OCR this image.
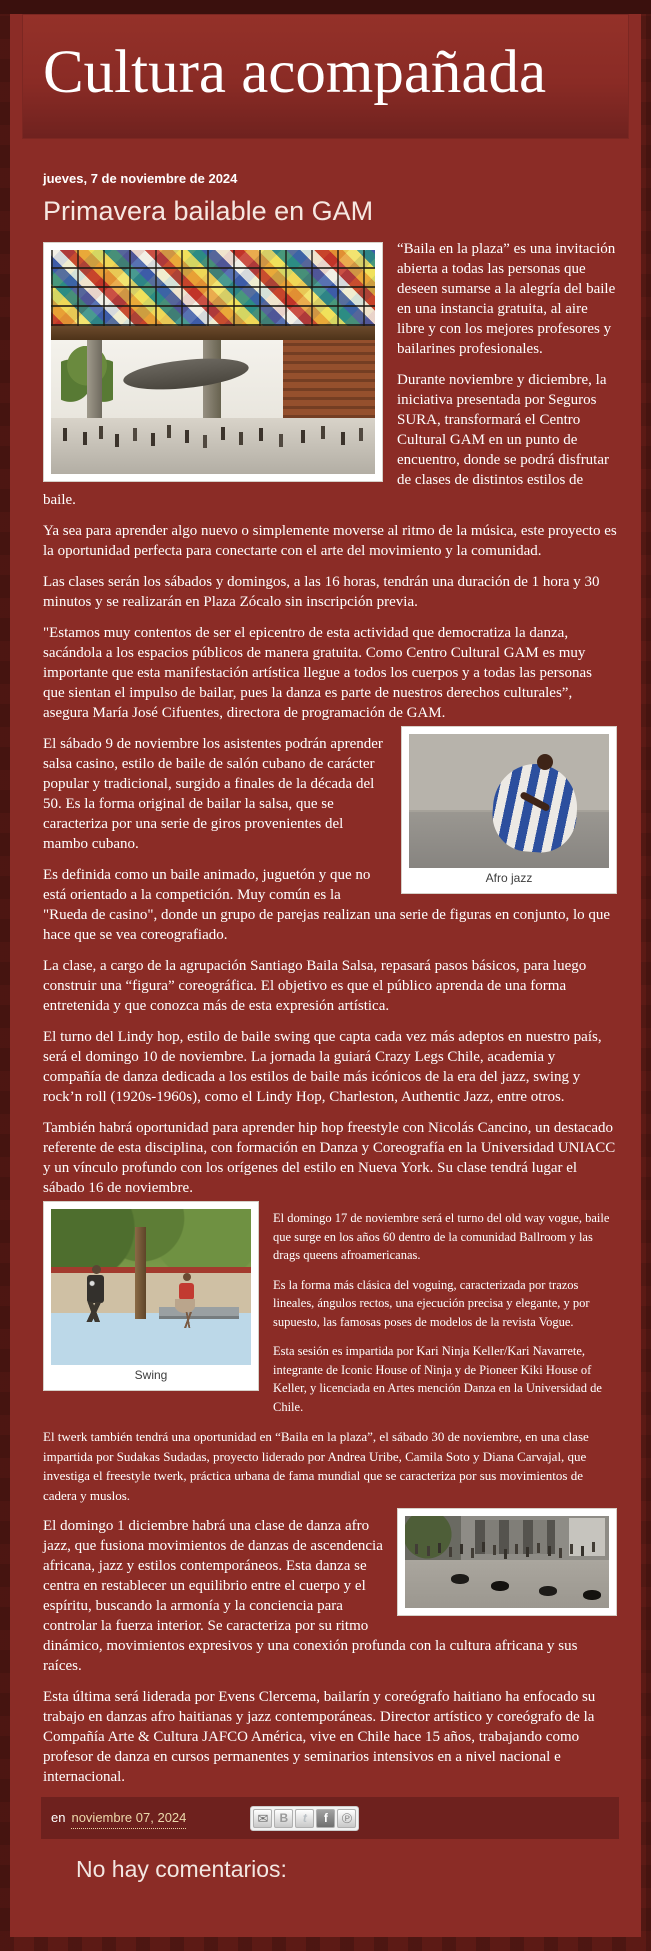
Cultura acompañada
jueves, 7 de noviembre de 2024
Primavera bailable en GAM

“Baila en la plaza” es una invitación abierta a todas las personas que deseen sumarse a la alegría del baile en una instancia gratuita, al aire libre y con los mejores profesores y bailarines profesionales.

Durante noviembre y diciembre, la iniciativa presentada por Seguros SURA, transformará el Centro Cultural GAM en un punto de encuentro, donde se podrá disfrutar de clases de distintos estilos de baile.

Ya sea para aprender algo nuevo o simplemente moverse al ritmo de la música, este proyecto es la oportunidad perfecta para conectarte con el arte del movimiento y la comunidad.

Las clases serán los sábados y domingos, a las 16 horas, tendrán una duración de 1 hora y 30 minutos y se realizarán en Plaza Zócalo sin inscripción previa.

"Estamos muy contentos de ser el epicentro de esta actividad que democratiza la danza, sacándola a los espacios públicos de manera gratuita. Como Centro Cultural GAM es muy importante que esta manifestación artística llegue a todos los cuerpos y a todas las personas que sientan el impulso de bailar, pues la danza es parte de nuestros derechos culturales”, asegura María José Cifuentes, directora de programación de GAM.

Afro jazz

El sábado 9 de noviembre los asistentes podrán aprender salsa casino, estilo de baile de salón cubano de carácter popular y tradicional, surgido a finales de la década del 50. Es la forma original de bailar la salsa, que se caracteriza por una serie de giros provenientes del mambo cubano.

Es definida como un baile animado, juguetón y que no está orientado a la competición. Muy común es la "Rueda de casino", donde un grupo de parejas realizan una serie de figuras en conjunto, lo que hace que se vea coreografiado.

La clase, a cargo de la agrupación Santiago Baila Salsa, repasará pasos básicos, para luego construir una “figura” coreográfica. El objetivo es que el público aprenda de una forma entretenida y que conozca más de esta expresión artística.

El turno del Lindy hop, estilo de baile swing que capta cada vez más adeptos en nuestro país, será el domingo 10 de noviembre. La jornada la guiará Crazy Legs Chile, academia y compañía de danza dedicada a los estilos de baile más icónicos de la era del jazz, swing y rock’n roll (1920s-1960s), como el Lindy Hop, Charleston, Authentic Jazz, entre otros.

También habrá oportunidad para aprender hip hop freestyle con Nicolás Cancino, un destacado referente de esta disciplina, con formación en Danza y Coreografía en la Universidad UNIACC y un vínculo profundo con los orígenes del estilo en Nueva York. Su clase tendrá lugar el sábado 16 de noviembre.

Swing

El domingo 17 de noviembre será el turno del old way vogue, baile que surge en los años 60 dentro de la comunidad Ballroom y las drags queens afroamericanas.

Es la forma más clásica del voguing, caracterizada por trazos lineales, ángulos rectos, una ejecución precisa y elegante, y por supuesto, las famosas poses de modelos de la revista Vogue.

Esta sesión es impartida por Kari Ninja Keller/Kari Navarrete, integrante de Iconic House of Ninja y de Pioneer Kiki House of Keller, y licenciada en Artes mención Danza en la Universidad de Chile.

El twerk también tendrá una oportunidad en “Baila en la plaza”, el sábado 30 de noviembre, en una clase impartida por Sudakas Sudadas, proyecto liderado por Andrea Uribe, Camila Soto y Diana Carvajal, que investiga el freestyle twerk, práctica urbana de fama mundial que se caracteriza por sus movimientos de cadera y muslos.

El domingo 1 diciembre habrá una clase de danza afro jazz, que fusiona movimientos de danzas de ascendencia africana, jazz y estilos contemporáneos. Esta danza se centra en restablecer un equilibrio entre el cuerpo y el espíritu, buscando la armonía y la conciencia para controlar la fuerza interior. Se caracteriza por su ritmo dinámico, movimientos expresivos y una conexión profunda con la cultura africana y sus raíces.

Esta última será liderada por Evens Clercema, bailarín y coreógrafo haitiano ha enfocado su trabajo en danzas afro haitianas y jazz contemporáneas. Director artístico y coreógrafo de la Compañía Arte & Cultura JAFCO América, vive en Chile hace 15 años, trabajando como profesor de danza en cursos permanentes y seminarios intensivos en a nivel nacional e internacional.

en noviembre 07, 2024	✉ B	t	f ℗
No hay comentarios:
